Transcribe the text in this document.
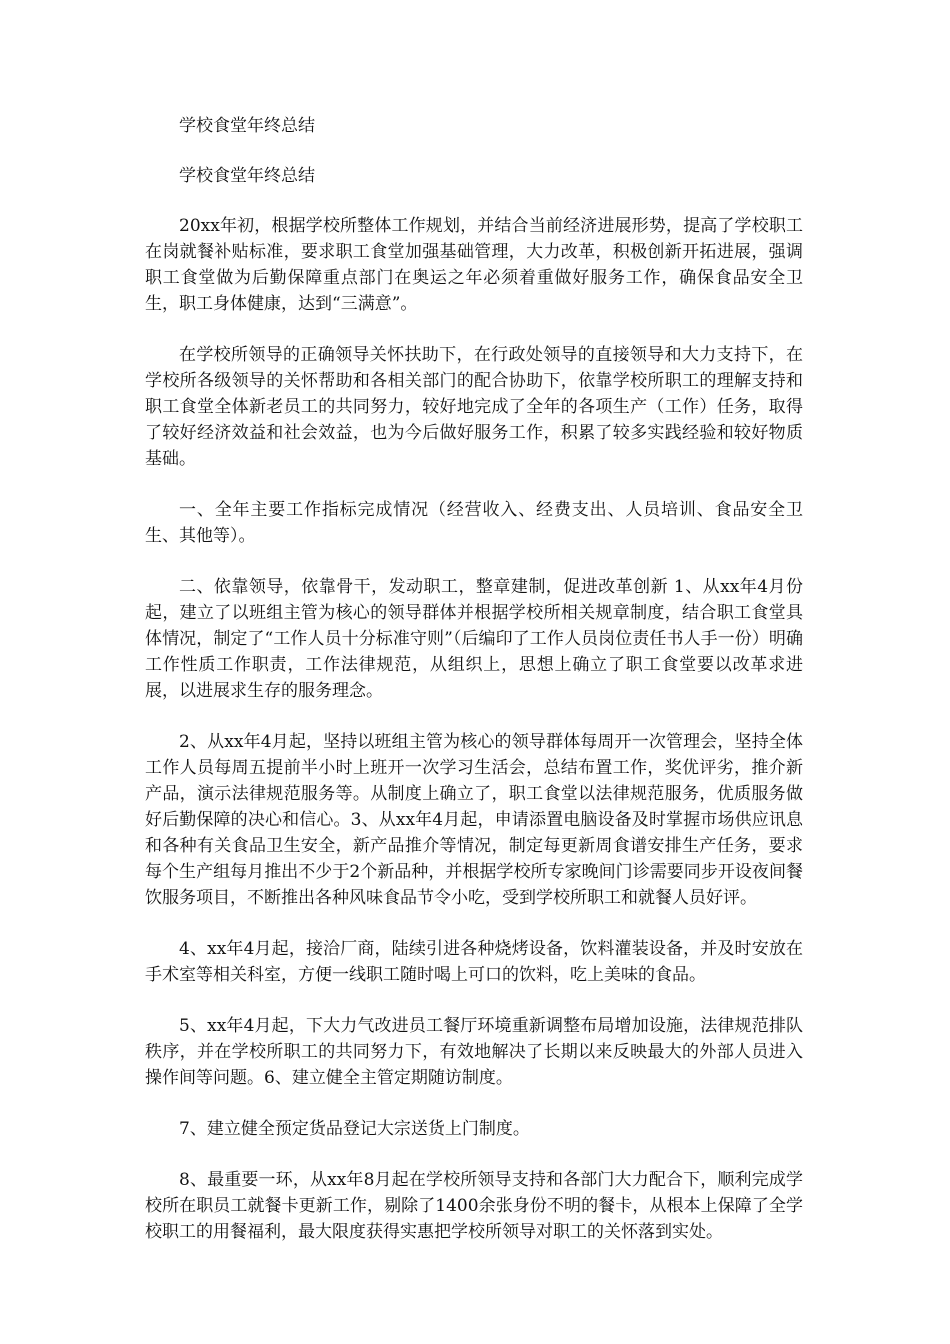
学校食堂年终总结

学校食堂年终总结

20xx年初，根据学校所整体工作规划，并结合当前经济进展形势，提高了学校职工在岗就餐补贴标准，要求职工食堂加强基础管理，大力改革，积极创新开拓进展，强调职工食堂做为后勤保障重点部门在奥运之年必须着重做好服务工作，确保食品安全卫生，职工身体健康，达到“三满意”。

在学校所领导的正确领导关怀扶助下，在行政处领导的直接领导和大力支持下，在学校所各级领导的关怀帮助和各相关部门的配合协助下，依靠学校所职工的理解支持和职工食堂全体新老员工的共同努力，较好地完成了全年的各项生产（工作）任务，取得了较好经济效益和社会效益，也为今后做好服务工作，积累了较多实践经验和较好物质基础。

一、全年主要工作指标完成情况（经营收入、经费支出、人员培训、食品安全卫生、其他等）。

二、依靠领导，依靠骨干，发动职工，整章建制，促进改革创新 1、从xx年4月份起，建立了以班组主管为核心的领导群体并根据学校所相关规章制度，结合职工食堂具体情况，制定了“工作人员十分标准守则”（后编印了工作人员岗位责任书人手一份）明确工作性质工作职责，工作法律规范，从组织上，思想上确立了职工食堂要以改革求进展，以进展求生存的服务理念。

2、从xx年4月起，坚持以班组主管为核心的领导群体每周开一次管理会，坚持全体工作人员每周五提前半小时上班开一次学习生活会，总结布置工作，奖优评劣，推介新产品，演示法律规范服务等。从制度上确立了，职工食堂以法律规范服务，优质服务做好后勤保障的决心和信心。3、从xx年4月起，申请添置电脑设备及时掌握市场供应讯息和各种有关食品卫生安全，新产品推介等情况，制定每更新周食谱安排生产任务，要求每个生产组每月推出不少于2个新品种，并根据学校所专家晚间门诊需要同步开设夜间餐饮服务项目，不断推出各种风味食品节令小吃，受到学校所职工和就餐人员好评。

4、xx年4月起，接洽厂商，陆续引进各种烧烤设备，饮料灌装设备，并及时安放在手术室等相关科室，方便一线职工随时喝上可口的饮料，吃上美味的食品。

5、xx年4月起，下大力气改进员工餐厅环境重新调整布局增加设施，法律规范排队秩序，并在学校所职工的共同努力下，有效地解决了长期以来反映最大的外部人员进入操作间等问题。6、建立健全主管定期随访制度。

7、建立健全预定货品登记大宗送货上门制度。

8、最重要一环，从xx年8月起在学校所领导支持和各部门大力配合下，顺利完成学校所在职员工就餐卡更新工作，剔除了1400余张身份不明的餐卡，从根本上保障了全学校职工的用餐福利，最大限度获得实惠把学校所领导对职工的关怀落到实处。
